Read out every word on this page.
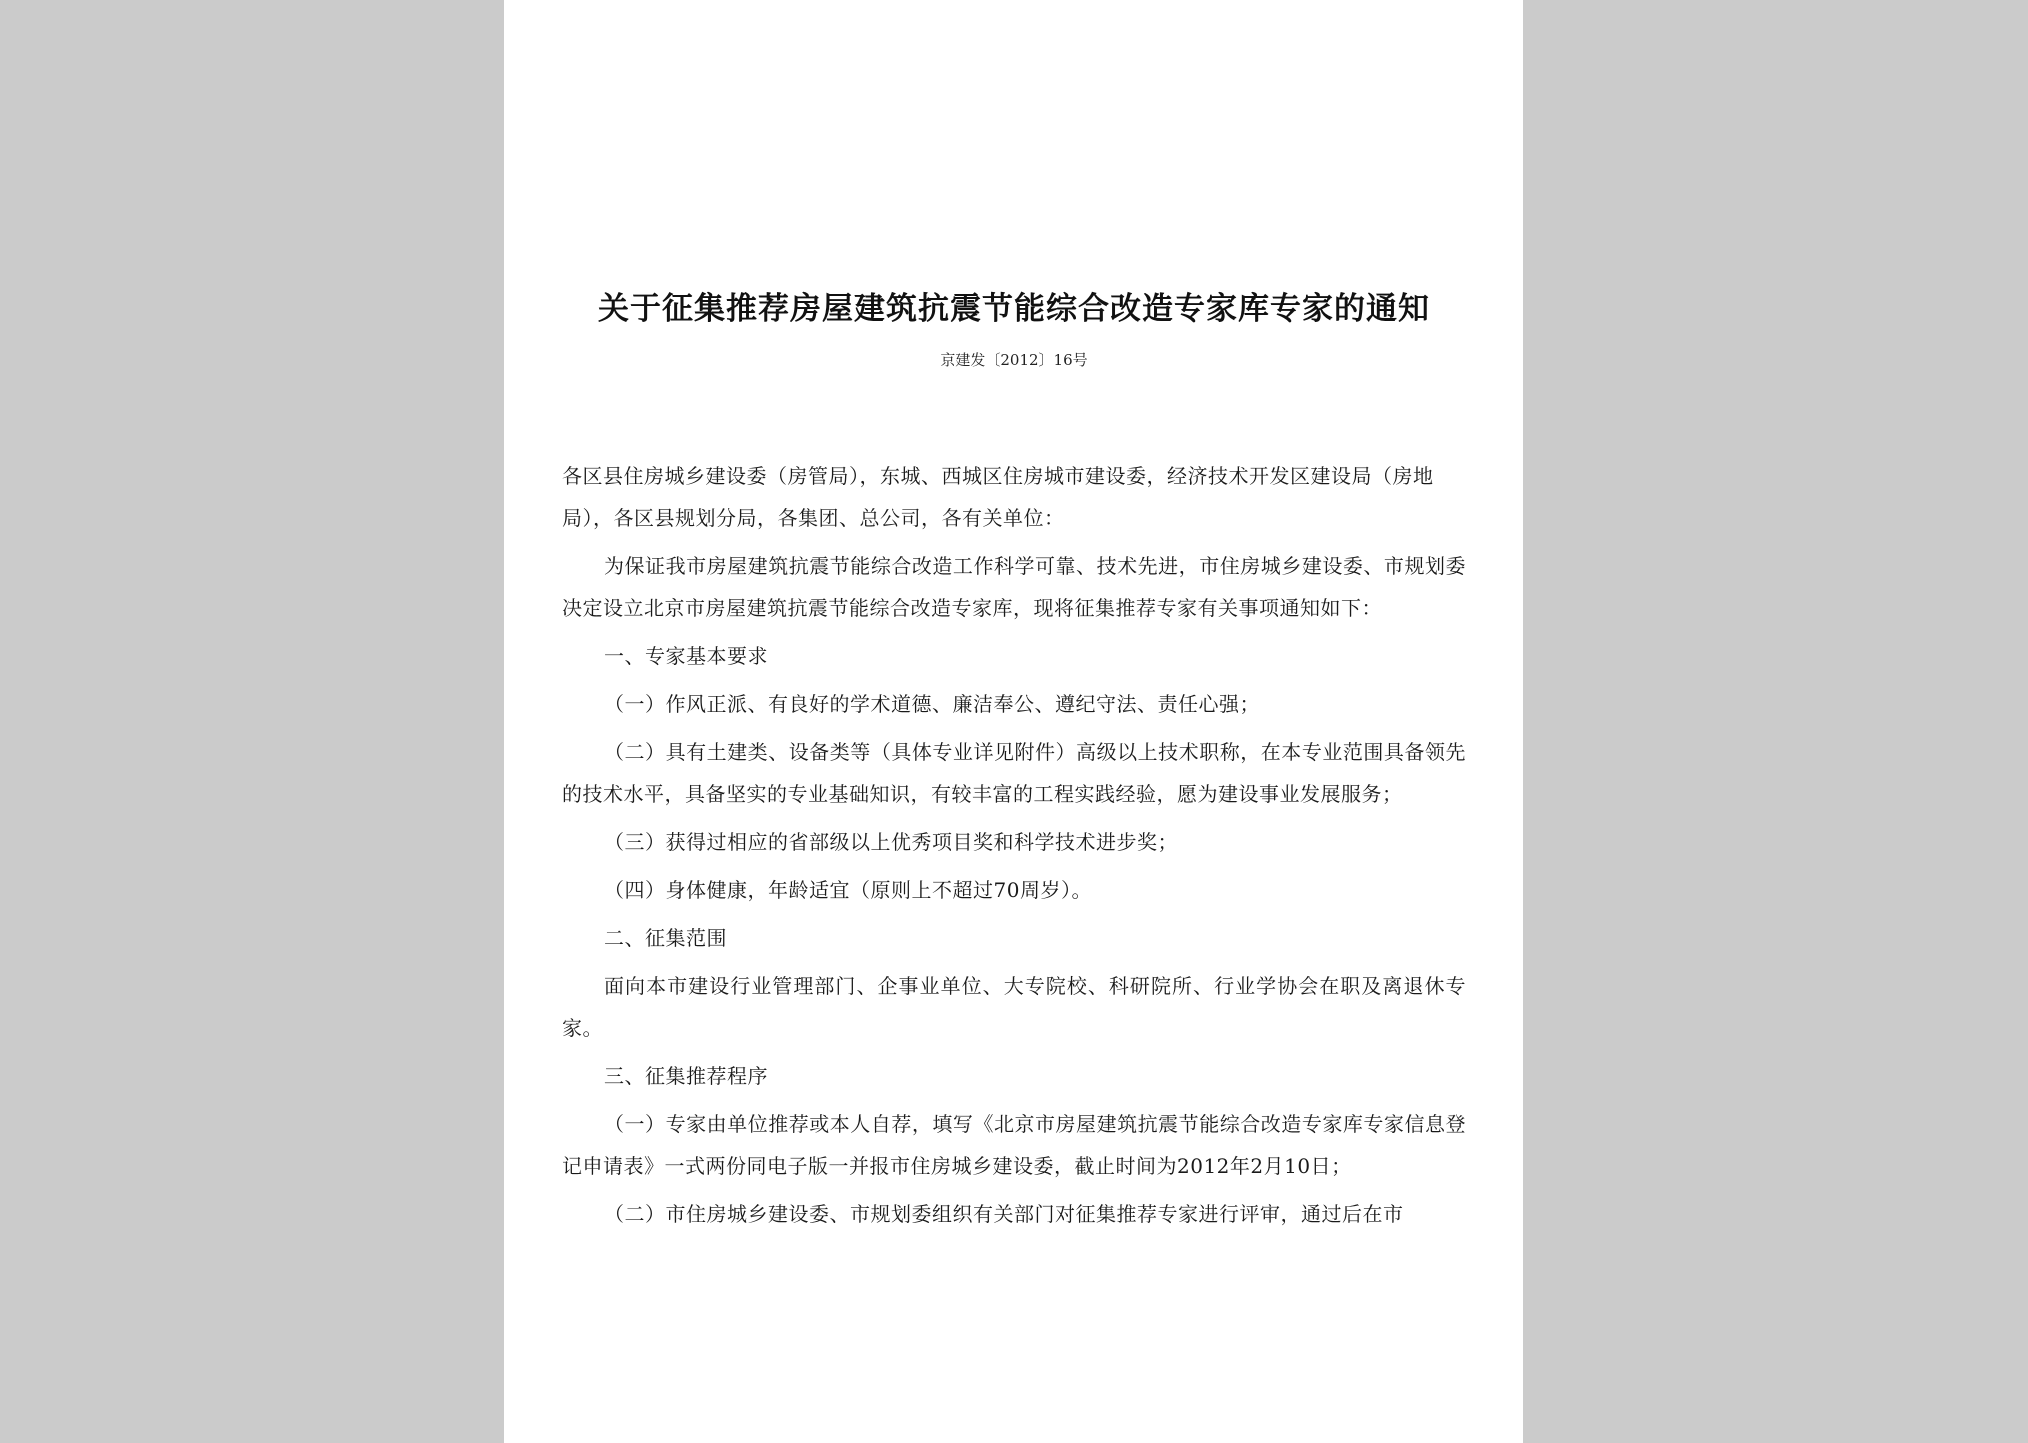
关于征集推荐房屋建筑抗震节能综合改造专家库专家的通知
京建发〔2012〕16号
各区县住房城乡建设委（房管局），东城、西城区住房城市建设委，经济技术开发区建设局（房地局），各区县规划分局，各集团、总公司，各有关单位：

为保证我市房屋建筑抗震节能综合改造工作科学可靠、技术先进，市住房城乡建设委、市规划委决定设立北京市房屋建筑抗震节能综合改造专家库，现将征集推荐专家有关事项通知如下：

一、专家基本要求

（一）作风正派、有良好的学术道德、廉洁奉公、遵纪守法、责任心强；

（二）具有土建类、设备类等（具体专业详见附件）高级以上技术职称，在本专业范围具备领先的技术水平，具备坚实的专业基础知识，有较丰富的工程实践经验，愿为建设事业发展服务；

（三）获得过相应的省部级以上优秀项目奖和科学技术进步奖；

（四）身体健康，年龄适宜（原则上不超过70周岁）。

二、征集范围

面向本市建设行业管理部门、企事业单位、大专院校、科研院所、行业学协会在职及离退休专家。

三、征集推荐程序

（一）专家由单位推荐或本人自荐，填写《北京市房屋建筑抗震节能综合改造专家库专家信息登记申请表》一式两份同电子版一并报市住房城乡建设委，截止时间为2012年2月10日；

（二）市住房城乡建设委、市规划委组织有关部门对征集推荐专家进行评审，通过后在市
